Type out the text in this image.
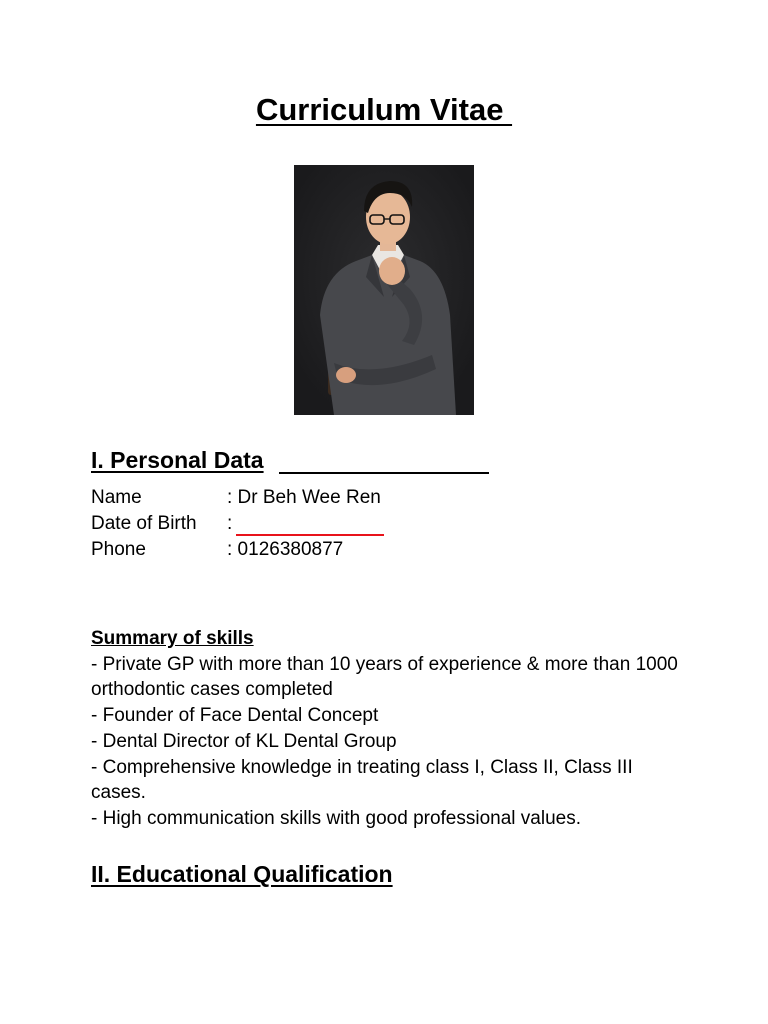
Curriculum Vitae
I. Personal Data
Name	: Dr Beh Wee Ren
Date of Birth :
Phone	: 0126380877
Summary of skills
- Private GP with more than 10 years of experience & more than 1000 orthodontic cases completed
- Founder of Face Dental Concept
- Dental Director of KL Dental Group
- Comprehensive knowledge in treating class I, Class II, Class III cases.
- High communication skills with good professional values.
II. Educational Qualification
